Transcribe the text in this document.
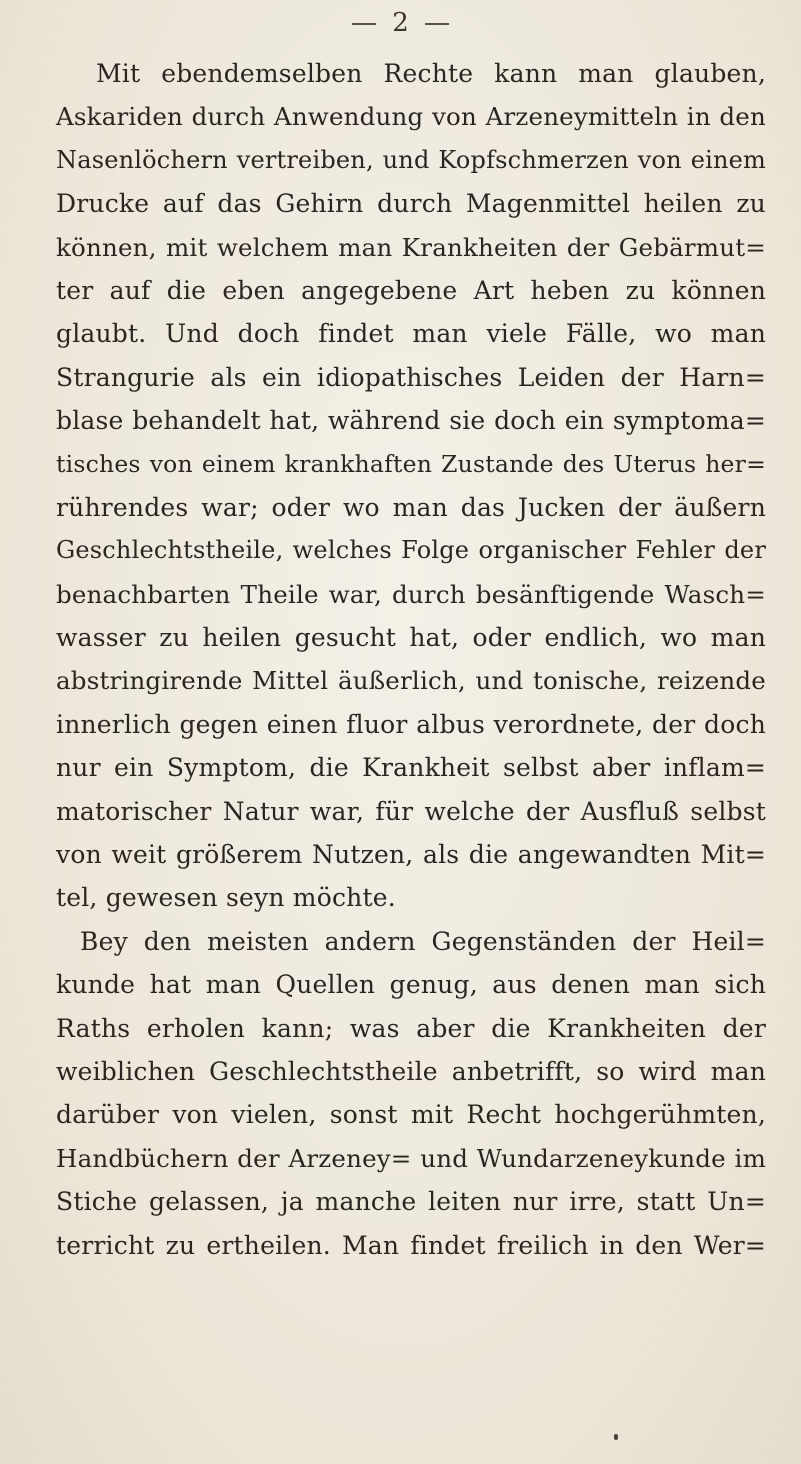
2
Mit ebendemselben Rechte kann man glauben,
Askariden durch Anwendung von Arzeneymitteln in den
Nasenlöchern vertreiben, und Kopfschmerzen von einem
Drucke auf das Gehirn durch Magenmittel heilen zu
können, mit welchem man Krankheiten der Gebärmut=
ter auf die eben angegebene Art heben zu können
glaubt. Und doch findet man viele Fälle, wo man
Strangurie als ein idiopathisches Leiden der Harn=
blase behandelt hat, während sie doch ein symptoma=
tisches von einem krankhaften Zustande des Uterus her=
rührendes war; oder wo man das Jucken der äußern
Geschlechtstheile, welches Folge organischer Fehler der
benachbarten Theile war, durch besänftigende Wasch=
wasser zu heilen gesucht hat, oder endlich, wo man
abstringirende Mittel äußerlich, und tonische, reizende
innerlich gegen einen fluor albus verordnete, der doch
nur ein Symptom, die Krankheit selbst aber inflam=
matorischer Natur war, für welche der Ausfluß selbst
von weit größerem Nutzen, als die angewandten Mit=
tel, gewesen seyn möchte.
Bey den meisten andern Gegenständen der Heil=
kunde hat man Quellen genug, aus denen man sich
Raths erholen kann; was aber die Krankheiten der
weiblichen Geschlechtstheile anbetrifft, so wird man
darüber von vielen, sonst mit Recht hochgerühmten,
Handbüchern der Arzeney= und Wundarzeneykunde im
Stiche gelassen, ja manche leiten nur irre, statt Un=
terricht zu ertheilen. Man findet freilich in den Wer=
